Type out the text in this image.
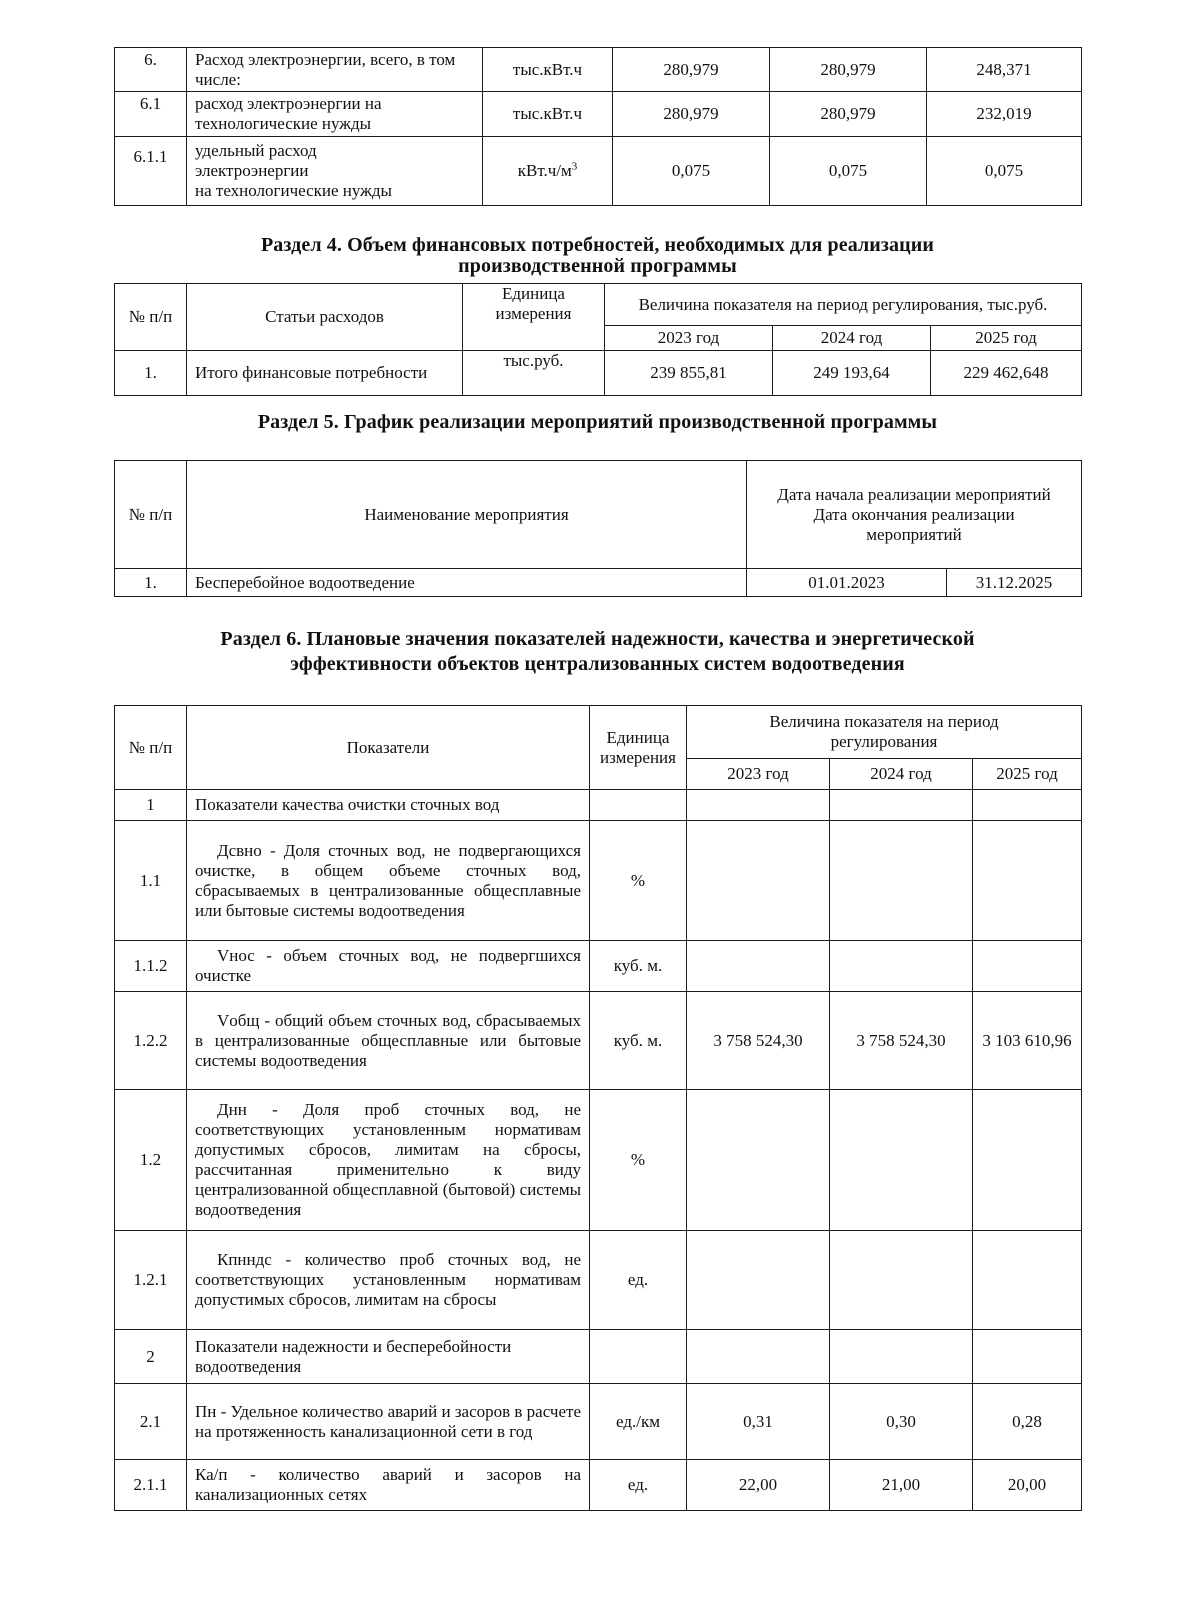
6.	Расход электроэнергии, всего, в том числе:	тыс.кВт.ч	280,979	280,979	248,371
6.1	расход электроэнергии на технологические нужды	тыс.кВт.ч	280,979	280,979	232,019
6.1.1	удельный расход
электроэнергии
на технологические нужды	$кВт.ч/м^3$	0,075	0,075	0,075
Раздел 4. Объем финансовых потребностей, необходимых для реализации
производственной программы
№ п/п	Статьи расходов	Единица измерения	Величина показателя на период регулирования, тыс.руб.		
			2023 год	2024 год	2025 год
1.	Итого финансовые потребности	тыс.руб.	239 855,81	249 193,64	229 462,648
Раздел 5. График реализации мероприятий производственной программы
№ п/п	Наименование мероприятия	Дата начала реализации мероприятий
Дата окончания реализации мероприятий	

1.	Бесперебойное водоотведение	01.01.2023	31.12.2025
Раздел 6. Плановые значения показателей надежности, качества и энергетической
эффективности объектов централизованных систем водоотведения
№ п/п	Показатели	Единица измерения	Величина показателя на период регулирования		
			2023 год	2024 год	2025 год
1	Показатели качества очистки сточных вод				
1.1	Дсвно - Доля сточных вод, не подвергающихся очистке, в общем объеме сточных вод, сбрасываемых в централизованные общесплавные или бытовые системы водоотведения	%			
1.1.2	Vнос - объем сточных вод, не подвергшихся очистке	куб. м.			
1.2.2	Vобщ - общий объем сточных вод, сбрасываемых в централизованные общесплавные или бытовые системы водоотведения	куб. м.	3 758 524,30	3 758 524,30	3 103 610,96
1.2	Днн - Доля проб сточных вод, не соответствующих установленным нормативам допустимых сбросов, лимитам на сбросы, рассчитанная применительно к виду централизованной общесплавной (бытовой) системы водоотведения	%			
1.2.1	Кпнндс - количество проб сточных вод, не соответствующих установленным нормативам допустимых сбросов, лимитам на сбросы	ед.			
2	Показатели надежности и бесперебойности водоотведения				
2.1	Пн - Удельное количество аварий и засоров в расчете на протяженность канализационной сети в год	ед./км	0,31	0,30	0,28
2.1.1	Ка/п - количество аварий и засоров на канализационных сетях	ед.	22,00	21,00	20,00
